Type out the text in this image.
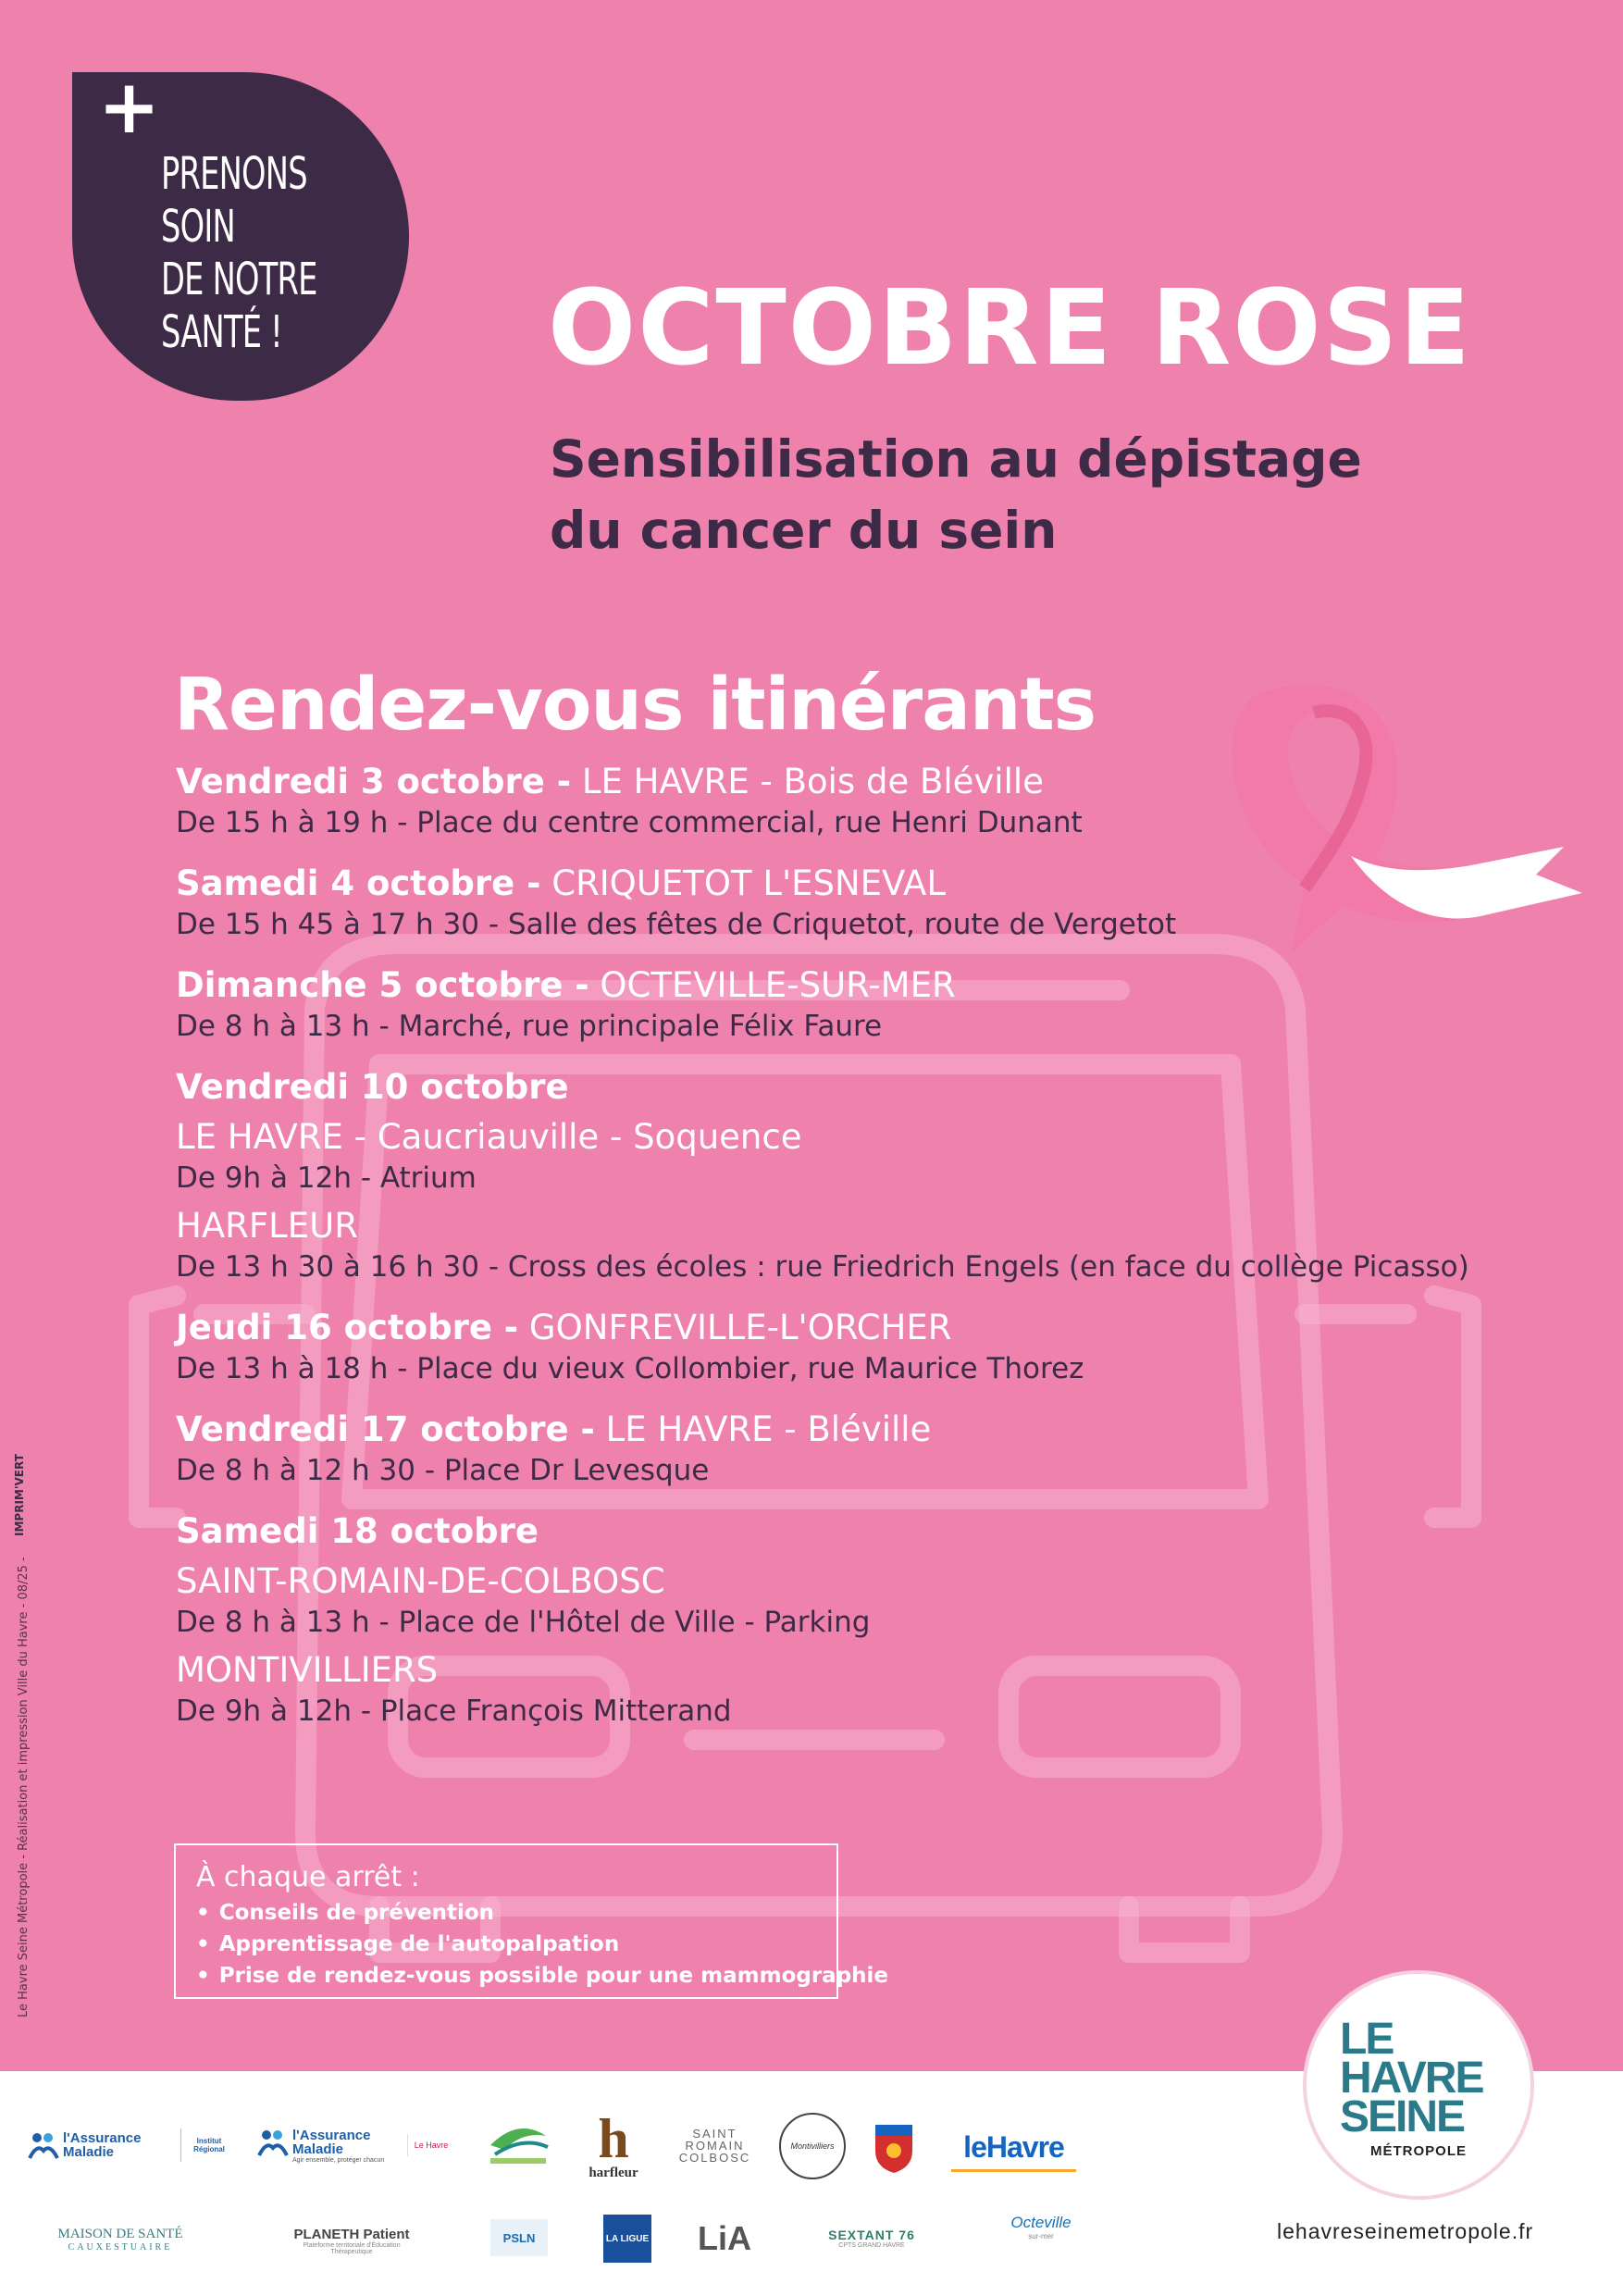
+
PRENONS
SOIN
DE NOTRE
SANTÉ !	OCTOBRE ROSE
Sensibilisation au dépistage
du cancer du sein
Rendez-vous itinérants
Vendredi 3 octobre - LE HAVRE - Bois de Bléville
De 15 h à 19 h - Place du centre commercial, rue Henri Dunant
Samedi 4 octobre - CRIQUETOT L'ESNEVAL
De 15 h 45 à 17 h 30 - Salle des fêtes de Criquetot, route de Vergetot
Dimanche 5 octobre - OCTEVILLE-SUR-MER
De 8 h à 13 h - Marché, rue principale Félix Faure
Vendredi 10 octobre
LE HAVRE - Caucriauville - Soquence
De 9h à 12h - Atrium
HARFLEUR
De 13 h 30 à 16 h 30 - Cross des écoles : rue Friedrich Engels (en face du collège Picasso)
Jeudi 16 octobre - GONFREVILLE-L'ORCHER
De 13 h à 18 h - Place du vieux Collombier, rue Maurice Thorez
Vendredi 17 octobre - LE HAVRE - Bléville
De 8 h à 12 h 30 - Place Dr Levesque
Samedi 18 octobre
SAINT-ROMAIN-DE-COLBOSC
De 8 h à 13 h - Place de l'Hôtel de Ville - Parking
MONTIVILLIERS
De 9h à 12h - Place François Mitterand
À chaque arrêt :
• Conseils de prévention
• Apprentissage de l'autopalpation
• Prise de rendez-vous possible pour une mammographie
Le Havre Seine Métropole - Réalisation et impression Ville du Havre - 08/25 -
IMPRIM'VERT
l'Assurance
Maladie
Institut Régional
l'Assurance
Maladie
Agir ensemble, protéger chacun
Le Havre	h
harfleur
SAINT
ROMAIN
COLBOSC
Montivilliers	leHavre
MAISON DE SANTÉ
CAUXESTUAIRE
PLANETH Patient
Plateforme territoriale d'Éducation Thérapeutique
PSLN	LA LIGUE LiA	SEXTANT 76
CPTS GRAND HAVRE
Octeville
sur-mer
LE
HAVRE
SEINE
MÉTROPOLE
lehavreseinemetropole.fr
